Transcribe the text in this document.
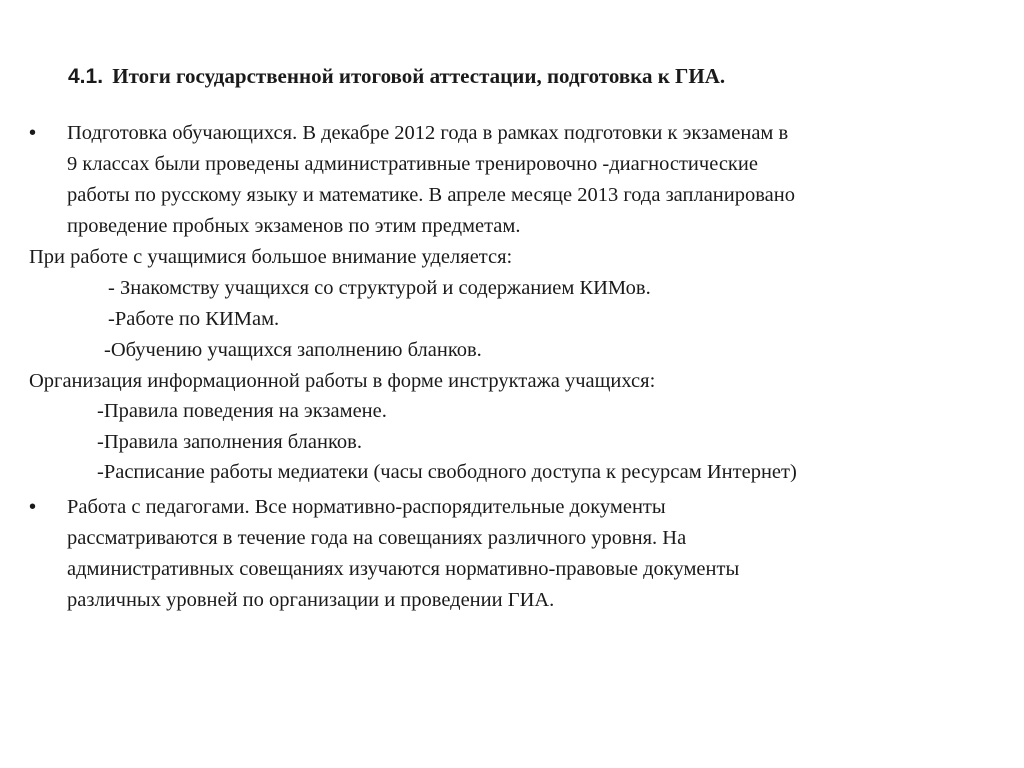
4.1. Итоги государственной итоговой аттестации, подготовка к ГИА.
• Подготовка обучающихся. В декабре 2012 года в рамках подготовки к экзаменам в
9 классах были проведены административные тренировочно -диагностические
работы по русскому языку и математике. В апреле месяце 2013 года запланировано
проведение пробных экзаменов по этим предметам.
При работе с учащимися большое внимание уделяется:
- Знакомству учащихся со структурой и содержанием КИМов.
-Работе по КИМам.
-Обучению учащихся заполнению бланков.
Организация информационной работы в форме инструктажа учащихся:
-Правила поведения на экзамене.
-Правила заполнения бланков.
-Расписание работы медиатеки (часы свободного доступа к ресурсам Интернет)
• Работа с педагогами. Все нормативно-распорядительные документы
рассматриваются в течение года на совещаниях различного уровня. На
административных совещаниях изучаются нормативно-правовые документы
различных уровней по организации и проведении ГИА.
